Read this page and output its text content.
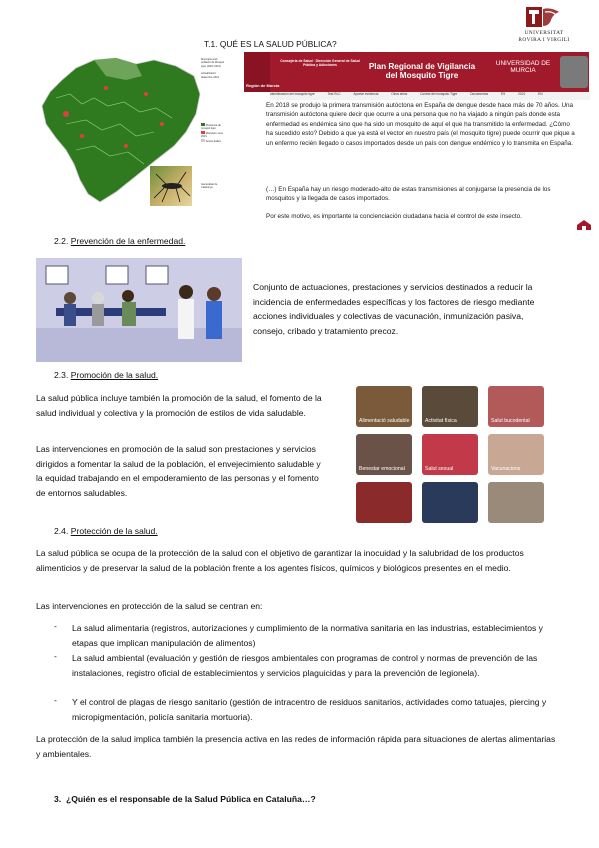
UNIVERSITAT ROVIRA I VIRGILI
T.1. QUÉ ES LA SALUD PÚBLICA?
Municipis amb població de Mosquit tigre (2007-2021)
Actualització: desembre 2021
Presència de mosquit tigre
Municipis nous 2021
Sense dades
Generalitat de Catalunya
Consejería de Salud · Dirección General de Salud Pública y Adicciones	Plan Regional de Vigilancia del Mosquito Tigre
UNIVERSIDAD DE MURCIA
Región de Murcia
Identificación del mosquito tigre	Test RLC	Aportar evidencia	Otros sitios	Control del mosquito Tigre	Documentos	ES	2021	EN
En 2018 se produjo la primera transmisión autóctona en España de dengue desde hace más de 70 años. Una transmisión autóctona quiere decir que ocurre a una persona que no ha viajado a ningún país donde esta enfermedad es endémica sino que ha sido un mosquito de aquí el que ha transmitido la enfermedad. ¿Cómo ha sucedido esto? Debido a que ya está el vector en nuestro país (el mosquito tigre) puede ocurrir que pique a un enfermo recién llegado o casos importados desde un país con dengue endémico y lo transmita en España.
(…) En España hay un riesgo moderado-alto de estas transmisiones al conjugarse la presencia de los mosquitos y la llegada de casos importados.
Por este motivo, es importante la concienciación ciudadana hacia el control de este insecto.
2.2. Prevención de la enfermedad.
Conjunto de actuaciones, prestaciones y servicios destinados a reducir la incidencia de enfermedades específicas y los factores de riesgo mediante acciones individuales y colectivas de vacunación, inmunización pasiva, consejo, cribado y tratamiento precoz.
2.3. Promoción de la salud.
La salud pública incluye también la promoción de la salud, el fomento de la salud individual y colectiva y la promoción de estilos de vida saludable.
Las intervenciones en promoción de la salud son prestaciones y servicios dirigidos a fomentar la salud de la población, el envejecimiento saludable y la equidad trabajando en el empoderamiento de las personas y el fomento de entornos saludables.
Alimentació saludable	Activitat física	Salut bucodental
Benestar emocional	Salut sexual	Vacunacions
2.4. Protección de la salud.
La salud pública se ocupa de la protección de la salud con el objetivo de garantizar la inocuidad y la salubridad de los productos alimenticios y de preservar la salud de la población frente a los agentes físicos, químicos y biológicos presentes en el medio.
Las intervenciones en protección de la salud se centran en:
- La salud alimentaria (registros, autorizaciones y cumplimiento de la normativa sanitaria en las industrias, establecimientos y etapas que implican manipulación de alimentos)
- La salud ambiental (evaluación y gestión de riesgos ambientales con programas de control y normas de prevención de las instalaciones, registro oficial de establecimientos y servicios plaguicidas y para la prevención de legionela).
- Y el control de plagas de riesgo sanitario (gestión de intracentro de residuos sanitarios, actividades como tatuajes, piercing y micropigmentación, policía sanitaria mortuoria).
La protección de la salud implica también la presencia activa en las redes de información rápida para situaciones de alertas alimentarias y ambientales.
3. ¿Quién es el responsable de la Salud Pública en Cataluña…?
